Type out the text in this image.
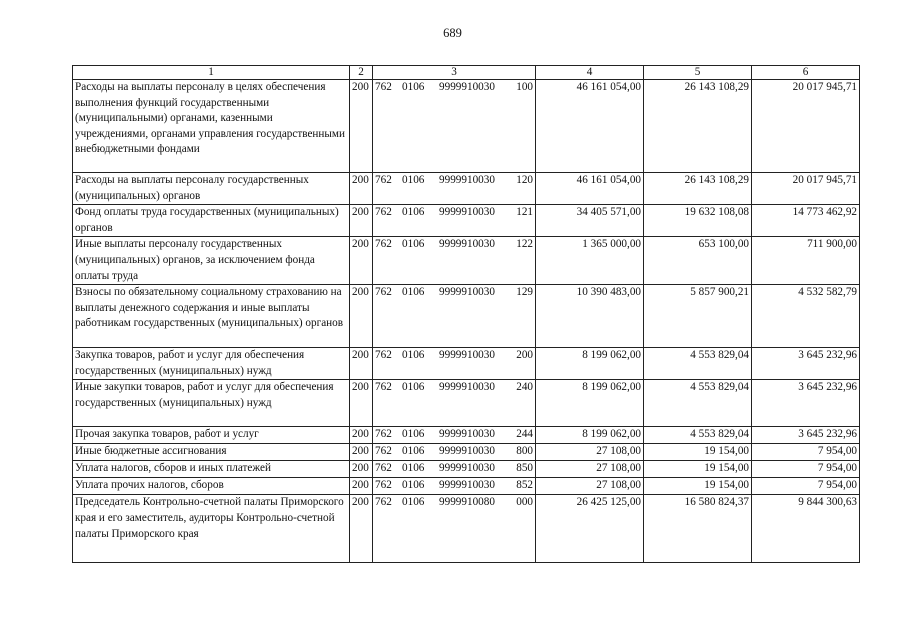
689
1	2	3	4	5	6
Расходы на выплаты персоналу в целях обеспечения выполнения функций государственными (муниципальными) органами, казенными учреждениями, органами управления государственными внебюджетными фондами	200	762 0106 9999910030 100	46 161 054,00	26 143 108,29	20 017 945,71
Расходы на выплаты персоналу государственных (муниципальных) органов	200	762 0106 9999910030 120	46 161 054,00	26 143 108,29	20 017 945,71
Фонд оплаты труда государственных (муниципальных) органов	200	762 0106 9999910030 121	34 405 571,00	19 632 108,08	14 773 462,92
Иные выплаты персоналу государственных (муниципальных) органов, за исключением фонда оплаты труда	200	762 0106 9999910030 122	1 365 000,00	653 100,00	711 900,00
Взносы по обязательному социальному страхованию на выплаты денежного содержания и иные выплаты работникам государственных (муниципальных) органов	200	762 0106 9999910030 129	10 390 483,00	5 857 900,21	4 532 582,79
Закупка товаров, работ и услуг для обеспечения государственных (муниципальных) нужд	200	762 0106 9999910030 200	8 199 062,00	4 553 829,04	3 645 232,96
Иные закупки товаров, работ и услуг для обеспечения государственных (муниципальных) нужд	200	762 0106 9999910030 240	8 199 062,00	4 553 829,04	3 645 232,96
Прочая закупка товаров, работ и услуг	200	762 0106 9999910030 244	8 199 062,00	4 553 829,04	3 645 232,96
Иные бюджетные ассигнования	200	762 0106 9999910030 800	27 108,00	19 154,00	7 954,00
Уплата налогов, сборов и иных платежей	200	762 0106 9999910030 850	27 108,00	19 154,00	7 954,00
Уплата прочих налогов, сборов	200	762 0106 9999910030 852	27 108,00	19 154,00	7 954,00
Председатель Контрольно-счетной палаты Приморского края и его заместитель, аудиторы Контрольно-счетной палаты Приморского края	200	762 0106 9999910080 000	26 425 125,00	16 580 824,37	9 844 300,63
